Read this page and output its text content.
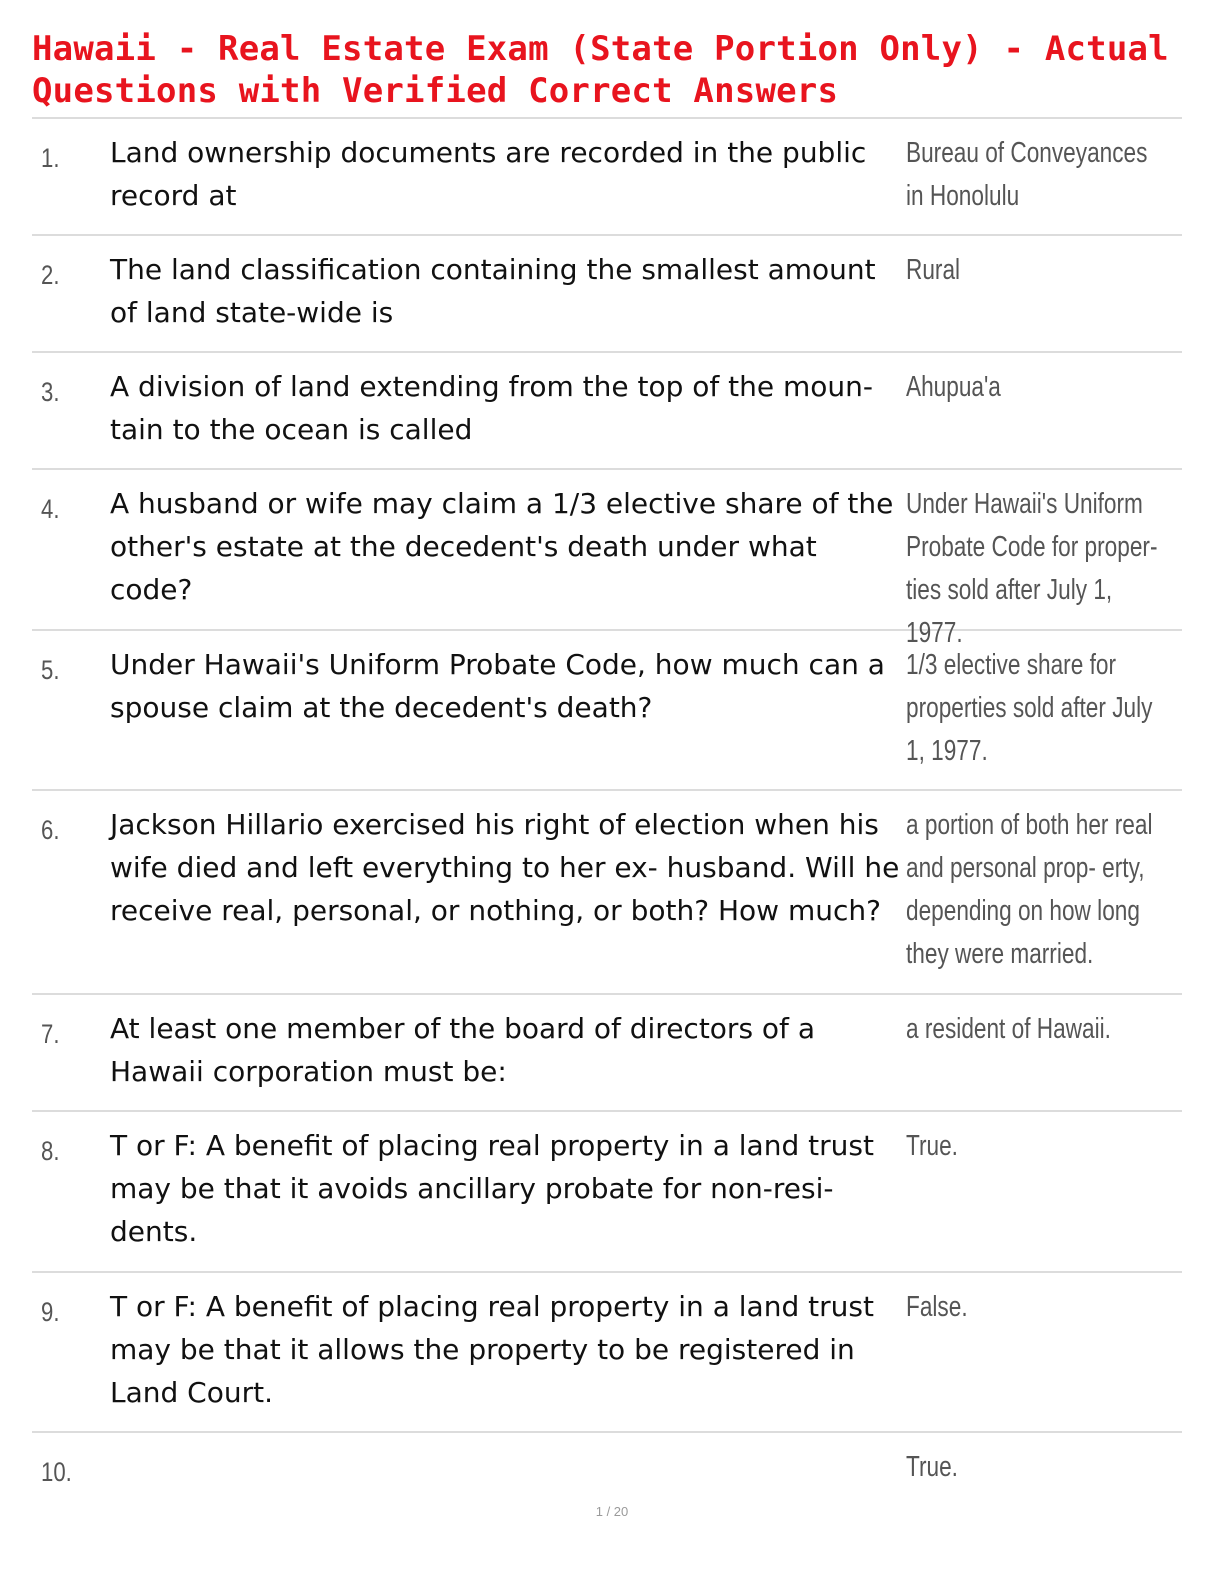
Hawaii - Real Estate Exam (State Portion Only) - Actual
Questions with Verified Correct Answers
1. Land ownership documents are recorded in the public record at
Bureau of Conveyances in Honolulu
2. The land classification containing the smallest amount of land state-wide is
Rural
3. A division of land extending from the top of the moun- tain to the ocean is called
Ahupua'a
4. A husband or wife may claim a 1/3 elective share of the other's estate at the decedent's death under what code?
Under Hawaii's Uniform Probate Code for proper- ties sold after July 1, 1977.
5. Under Hawaii's Uniform Probate Code, how much can a spouse claim at the decedent's death?
1/3 elective share for properties sold after July 1, 1977.
6. Jackson Hillario exercised his right of election when his wife died and left everything to her ex- husband. Will he receive real, personal, or nothing, or both? How much?
a portion of both her real and personal prop- erty, depending on how long they were married.
7. At least one member of the board of directors of a Hawaii corporation must be:
a resident of Hawaii.
8. T or F: A benefit of placing real property in a land trust may be that it avoids ancillary probate for non-resi- dents.
True.
9. T or F: A benefit of placing real property in a land trust may be that it allows the property to be registered in Land Court.
False.
10.	True.
1 / 20
